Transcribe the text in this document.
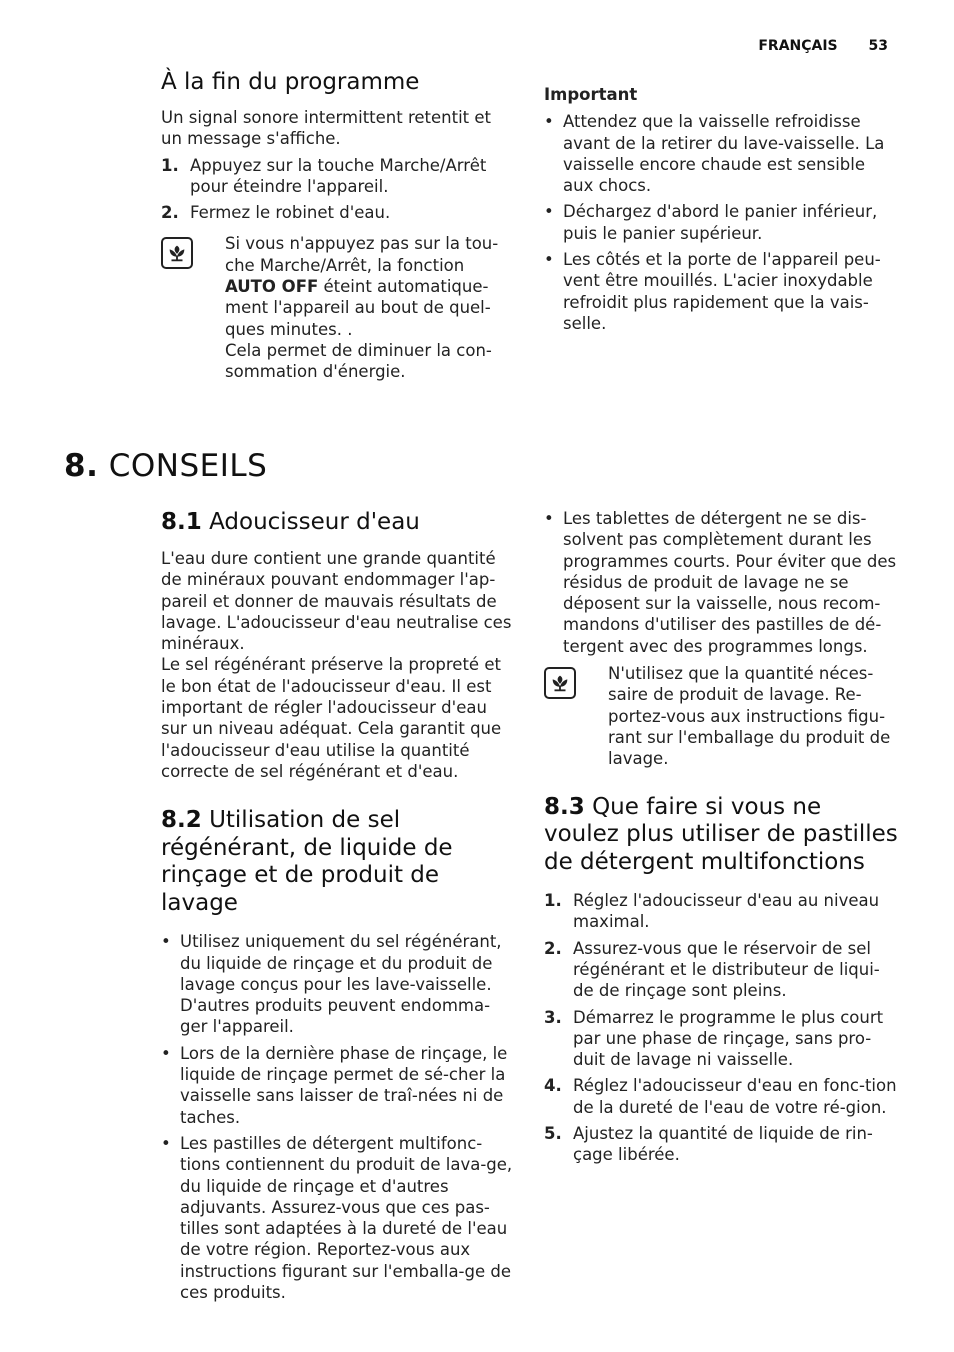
FRANÇAIS 53
À la fin du programme

Un signal sonore intermittent retentit et un message s'affiche.

1. Appuyez sur la touche Marche/Arrêt pour éteindre l'appareil.
2. Fermez le robinet d'eau.

Si vous n'appuyez pas sur la tou-che Marche/Arrêt, la fonction AUTO OFF éteint automatique-ment l'appareil au bout de quel-ques minutes. .

Cela permet de diminuer la con-sommation d'énergie.

Important
• Attendez que la vaisselle refroidisse avant de la retirer du lave-vaisselle. La vaisselle encore chaude est sensible aux chocs.
• Déchargez d'abord le panier inférieur, puis le panier supérieur.
• Les côtés et la porte de l'appareil peu-vent être mouillés. L'acier inoxydable refroidit plus rapidement que la vais-selle.
8. CONSEILS
8.1 Adoucisseur d'eau

L'eau dure contient une grande quantité de minéraux pouvant endommager l'ap-pareil et donner de mauvais résultats de lavage. L'adoucisseur d'eau neutralise ces minéraux.

Le sel régénérant préserve la propreté et le bon état de l'adoucisseur d'eau. Il est important de régler l'adoucisseur d'eau sur un niveau adéquat. Cela garantit que l'adoucisseur d'eau utilise la quantité correcte de sel régénérant et d'eau.

8.2 Utilisation de sel régénérant, de liquide de rinçage et de produit de lavage
• Utilisez uniquement du sel régénérant, du liquide de rinçage et du produit de lavage conçus pour les lave-vaisselle. D'autres produits peuvent endomma-ger l'appareil.
• Lors de la dernière phase de rinçage, le liquide de rinçage permet de sé-cher la vaisselle sans laisser de traî-nées ni de taches.
• Les pastilles de détergent multifonc-tions contiennent du produit de lava-ge, du liquide de rinçage et d'autres adjuvants. Assurez-vous que ces pas-tilles sont adaptées à la dureté de l'eau de votre région. Reportez-vous aux instructions figurant sur l'emballa-ge de ces produits.
• Les tablettes de détergent ne se dis-solvent pas complètement durant les programmes courts. Pour éviter que des résidus de produit de lavage ne se déposent sur la vaisselle, nous recom-mandons d'utiliser des pastilles de dé-tergent avec des programmes longs.

N'utilisez que la quantité néces-saire de produit de lavage. Re-portez-vous aux instructions figu-rant sur l'emballage du produit de lavage.

8.3 Que faire si vous ne voulez plus utiliser de pastilles de détergent multifonctions
1. Réglez l'adoucisseur d'eau au niveau maximal.
2. Assurez-vous que le réservoir de sel régénérant et le distributeur de liqui-de de rinçage sont pleins.
3. Démarrez le programme le plus court par une phase de rinçage, sans pro-duit de lavage ni vaisselle.
4. Réglez l'adoucisseur d'eau en fonc-tion de la dureté de l'eau de votre ré-gion.
5. Ajustez la quantité de liquide de rin-çage libérée.
